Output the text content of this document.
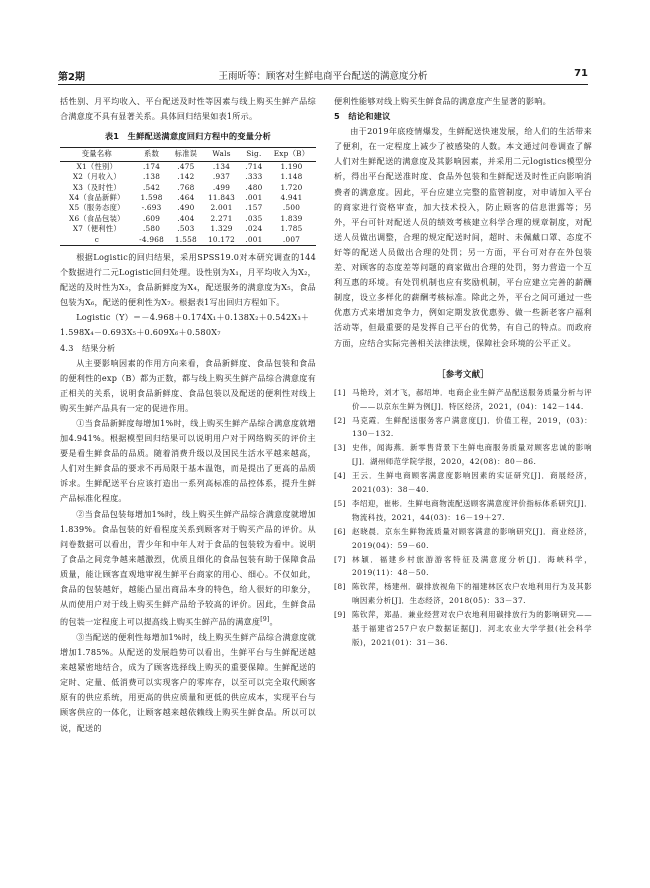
第2期	王雨昕等：顾客对生鲜电商平台配送的满意度分析	71

括性别、月平均收入、平台配送及时性等因素与线上购买生鲜产品综合满意度不具有显著关系。具体回归结果如表1所示。

表1　生鲜配送满意度回归方程中的变量分析
变量名称	系数	标准误	Wals	Sig.	Exp（B）
X1（性别）	.174	.475	.134	.714	1.190
X2（月收入）	.138	.142	.937	.333	1.148
X3（及时性）	.542	.768	.499	.480	1.720
X4（食品新鲜）	1.598	.464	11.843	.001	4.941
X5（服务态度）	-.693	.490	2.001	.157	.500
X6（食品包装）	.609	.404	2.271	.035	1.839
X7（便利性）	.580	.503	1.329	.024	1.785
c	-4.968	1.558	10.172	.001	.007

根据Logistic的回归结果，采用SPSS19.0对本研究调查的144个数据进行二元Logistic回归处理。设性别为X₁，月平均收入为X₂，配送的及时性为X₃，食品新鲜度为X₄，配送服务的满意度为X₅，食品包装为X₆，配送的便利性为X₇。根据表1写出回归方程如下。

Logistic（Y）＝－4.968＋0.174X₁＋0.138X₂＋0.542X₃＋

1.598X₄－0.693X₅＋0.609X₆＋0.580X₇

4.3　结果分析

从主要影响因素的作用方向来看，食品新鲜度、食品包装和食品的便利性的exp（B）都为正数，都与线上购买生鲜产品综合满意度有正相关的关系，说明食品新鲜度、食品包装以及配送的便利性对线上购买生鲜产品具有一定的促进作用。

①当食品新鲜度每增加1%时，线上购买生鲜产品综合满意度就增加4.941%。根据模型回归结果可以说明用户对于网络购买的评价主要是看生鲜食品的品质。随着消费升级以及国民生活水平越来越高，人们对生鲜食品的要求不再局限于基本温饱，而是提出了更高的品质诉求。生鲜配送平台应该打造出一系列高标准的品控体系，提升生鲜产品标准化程度。

②当食品包装每增加1%时，线上购买生鲜产品综合满意度就增加1.839%。食品包装的好看程度关系到顾客对于购买产品的评价。从问卷数据可以看出，青少年和中年人对于食品的包装较为看中。说明了食品之间竞争越来越激烈，优质且细化的食品包装有助于保障食品质量，能让顾客直观地审视生鲜平台商家的用心、细心。不仅如此，食品的包装越好，越能凸显出商品本身的特色，给人很好的印象分，从而使用户对于线上购买生鲜产品给予较高的评价。因此，生鲜食品的包装一定程度上可以提高线上购买生鲜产品的满意度[9]。

③当配送的便利性每增加1%时，线上购买生鲜产品综合满意度就增加1.785%。从配送的发展趋势可以看出，生鲜平台与生鲜配送越来越紧密地结合，成为了顾客选择线上购买的重要保障。生鲜配送的定时、定量、低消费可以实现客户的零库存，以至可以完全取代顾客原有的供应系统，用更高的供应质量和更低的供应成本，实现平台与顾客供应的一体化，让顾客越来越依赖线上购买生鲜食品。所以可以说，配送的

便利性能够对线上购买生鲜食品的满意度产生显著的影响。

5　结论和建议

由于2019年底疫情爆发，生鲜配送快速发展，给人们的生活带来了便利，在一定程度上减少了被感染的人数。本文通过问卷调查了解人们对生鲜配送的满意度及其影响因素，并采用二元logistics模型分析，得出平台配送准时度、食品外包装和生鲜配送及时性正向影响消费者的满意度。因此，平台应建立完整的监管制度，对申请加入平台的商家进行资格审查，加大技术投入，防止顾客的信息泄露等；另外，平台可针对配送人员的绩效考核建立科学合理的规章制度，对配送人员做出调整，合理的规定配送时间，超时、未佩戴口罩、态度不好等的配送人员做出合理的处罚；另一方面，平台可对存在外包装差、对顾客的态度差等问题的商家做出合理的处罚，努力营造一个互利互惠的环境。有处罚机制也应有奖励机制，平台应建立完善的薪酬制度，设立多样化的薪酬考核标准。除此之外，平台之间可通过一些优惠方式来增加竞争力，例如定期发放优惠券、做一些新老客户福利活动等，但最重要的是发挥自己平台的优势，有自己的特点。而政府方面，应结合实际完善相关法律法规，保障社会环境的公平正义。

［参考文献］
[1] 马艳玲，刘才飞，郝绍坤．电商企业生鲜产品配送服务质量分析与评价——以京东生鲜为例[J]．特区经济，2021，(04)：142－144.
[2] 马克霞．生鲜配送服务客户满意度[J]．价值工程，2019，(03)：130－132.
[3] 史伟，闻海燕．新零售背景下生鲜电商服务质量对顾客忠诚的影响[J]．湖州师范学院学报，2020，42(08)：80－86.
[4] 王云．生鲜电商顾客满意度影响因素的实证研究[J]．商展经济，2021(03)：38－40.
[5] 李绍迎，崔彬．生鲜电商物流配送顾客满意度评价指标体系研究[J]．物流科技，2021，44(03)：16－19＋27.
[6] 赵晓晨．京东生鲜物流质量对顾客满意的影响研究[J]．商业经济，2019(04)：59－60.
[7] 林颖．福建乡村旅游游客特征及满意度分析[J]．海峡科学，2019(11)：48－50.
[8] 陈钦萍，杨建州．碳排放视角下的福建林区农户农地利用行为及其影响因素分析[J]．生态经济，2018(05)：33－37.
[9] 陈钦萍，郑晶．兼业经营对农户农地利用碳排放行为的影响研究——基于福建省257户农户数据证据[J]．河北农业大学学报(社会科学版)，2021(01)：31－36.
